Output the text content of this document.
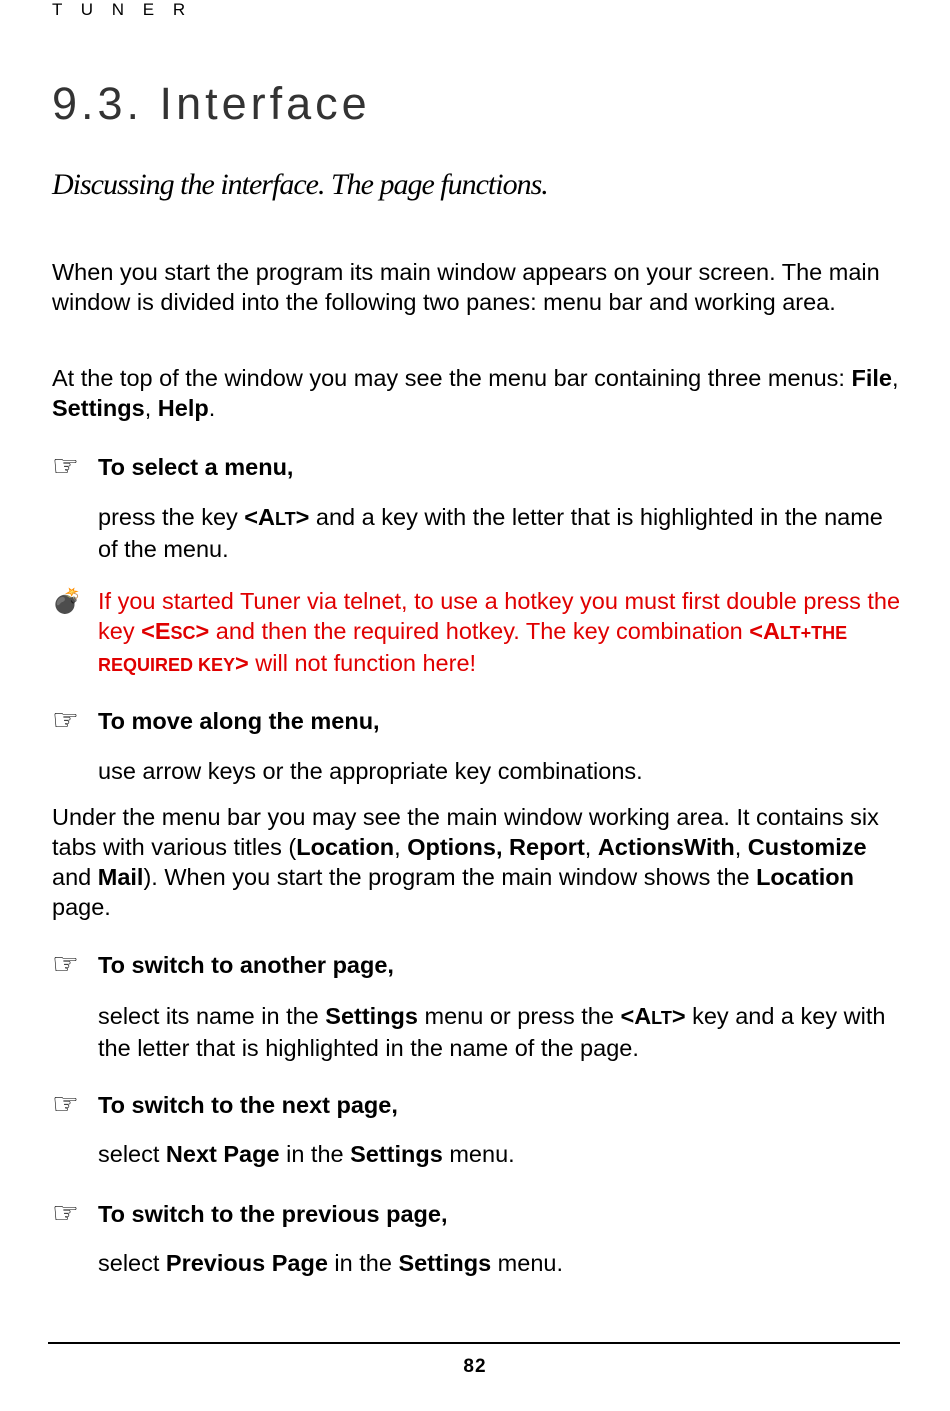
T U N E R
9.3. Interface
Discussing the interface. The page functions.

When you start the program its main window appears on your screen. The main window is divided into the following two panes: menu bar and working area.

At the top of the window you may see the menu bar containing three menus: File, Settings, Help.

☞ To select a menu,

press the key <ALT> and a key with the letter that is highlighted in the name of the menu.

💣 If you started Tuner via telnet, to use a hotkey you must first double press the key <ESC> and then the required hotkey. The key combination <ALT+THE REQUIRED KEY> will not function here!
☞ To move along the menu,

use arrow keys or the appropriate key combinations.

Under the menu bar you may see the main window working area. It contains six tabs with various titles (Location, Options, Report, ActionsWith, Customize and Mail). When you start the program the main window shows the Location page.

☞ To switch to another page,

select its name in the Settings menu or press the <ALT> key and a key with the letter that is highlighted in the name of the page.

☞ To switch to the next page,

select Next Page in the Settings menu.

☞ To switch to the previous page,

select Previous Page in the Settings menu.

82
